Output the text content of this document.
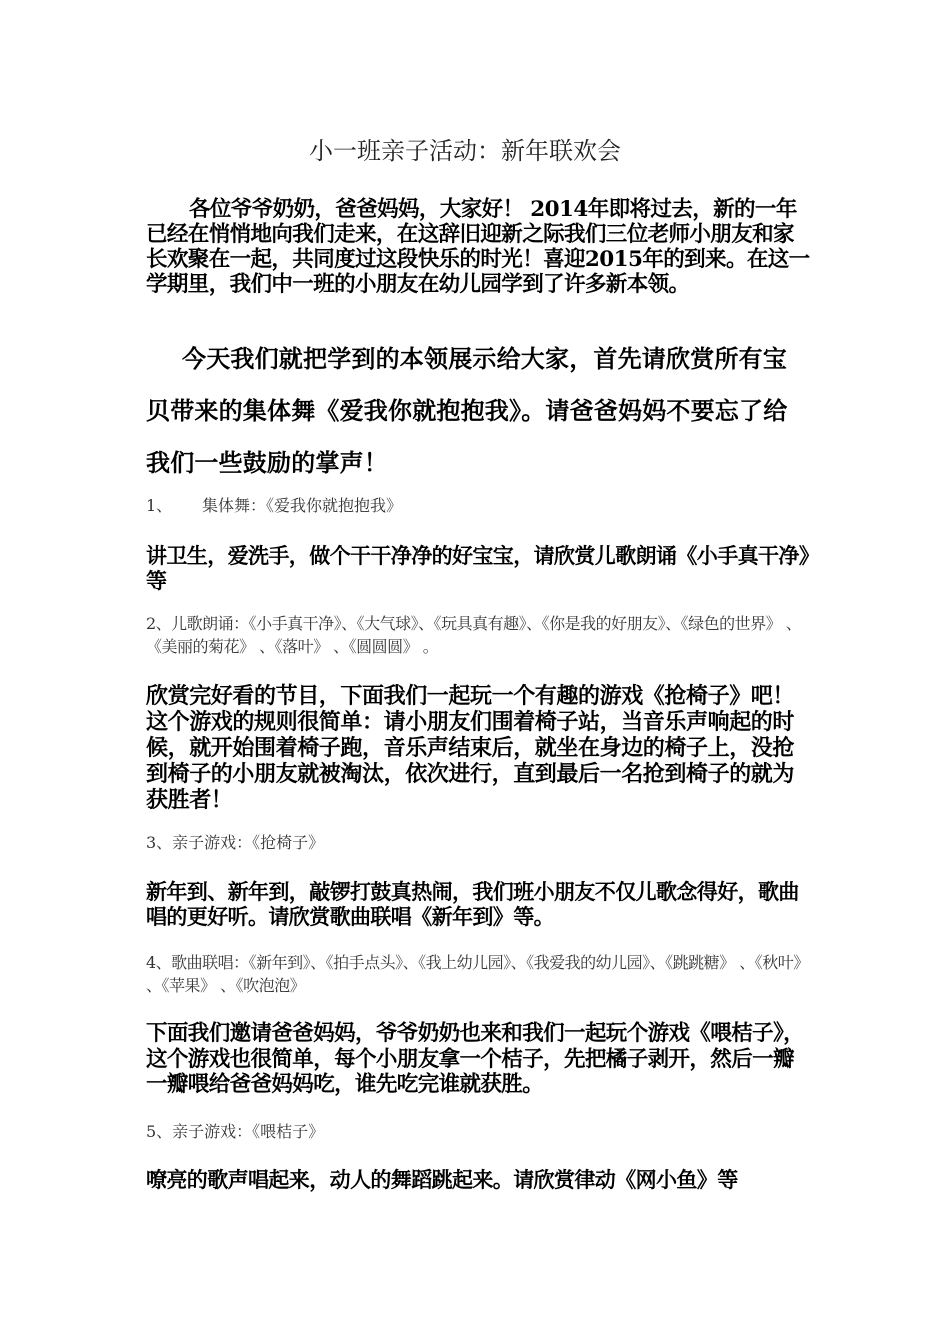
小一班亲子活动：新年联欢会

各位爷爷奶奶，爸爸妈妈，大家好！ 2014年即将过去，新的一年已经在悄悄地向我们走来，在这辞旧迎新之际我们三位老师小朋友和家长欢聚在一起，共同度过这段快乐的时光！喜迎2015年的到来。在这一学期里，我们中一班的小朋友在幼儿园学到了许多新本领。

今天我们就把学到的本领展示给大家，首先请欣赏所有宝贝带来的集体舞《爱我你就抱抱我》。请爸爸妈妈不要忘了给我们一些鼓励的掌声！

1、 集体舞：《爱我你就抱抱我》

讲卫生，爱洗手，做个干干净净的好宝宝，请欣赏儿歌朗诵《小手真干净》等

2、儿歌朗诵：《小手真干净》、《大气球》、《玩具真有趣》、《你是我的好朋友》、《绿色的世界》 、《美丽的菊花》 、《落叶》 、《圆圆圆》 。

欣赏完好看的节目，下面我们一起玩一个有趣的游戏《抢椅子》吧！这个游戏的规则很简单：请小朋友们围着椅子站，当音乐声响起的时候，就开始围着椅子跑，音乐声结束后，就坐在身边的椅子上，没抢到椅子的小朋友就被淘汰，依次进行，直到最后一名抢到椅子的就为获胜者！

3、亲子游戏：《抢椅子》

新年到、新年到，敲锣打鼓真热闹，我们班小朋友不仅儿歌念得好，歌曲唱的更好听。请欣赏歌曲联唱《新年到》等。

4、歌曲联唱：《新年到》、《拍手点头》、《我上幼儿园》、《我爱我的幼儿园》、《跳跳糖》 、《秋叶》 、《苹果》 、《吹泡泡》

下面我们邀请爸爸妈妈，爷爷奶奶也来和我们一起玩个游戏《喂桔子》，这个游戏也很简单，每个小朋友拿一个桔子，先把橘子剥开，然后一瓣一瓣喂给爸爸妈妈吃，谁先吃完谁就获胜。

5、亲子游戏：《喂桔子》

嘹亮的歌声唱起来，动人的舞蹈跳起来。请欣赏律动《网小鱼》等
